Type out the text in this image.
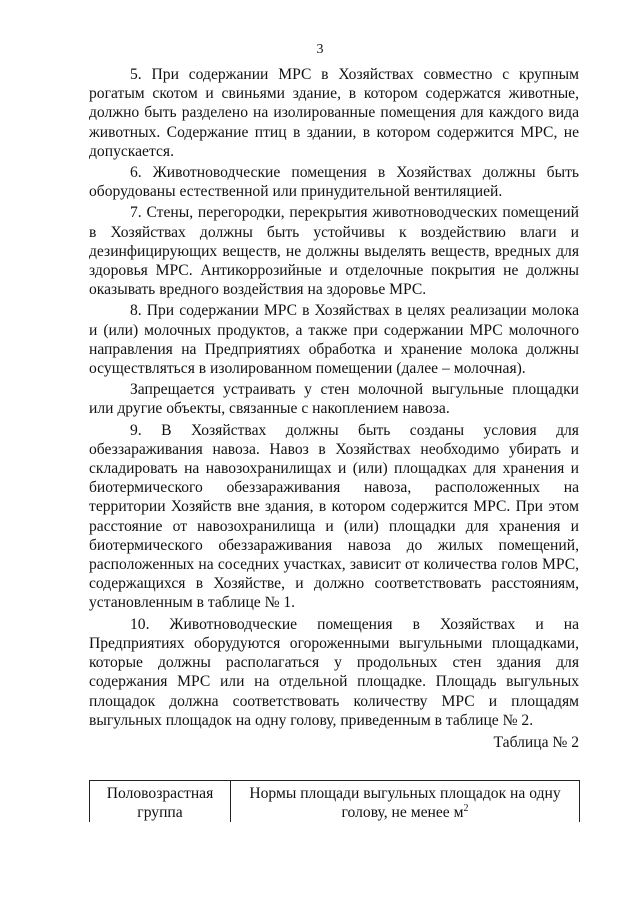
3

5. При содержании МРС в Хозяйствах совместно с крупным рогатым скотом и свиньями здание, в котором содержатся животные, должно быть разделено на изолированные помещения для каждого вида животных. Содержание птиц в здании, в котором содержится МРС, не допускается.

6. Животноводческие помещения в Хозяйствах должны быть оборудованы естественной или принудительной вентиляцией.

7. Стены, перегородки, перекрытия животноводческих помещений в Хозяйствах должны быть устойчивы к воздействию влаги и дезинфицирующих веществ, не должны выделять веществ, вредных для здоровья МРС. Антикоррозийные и отделочные покрытия не должны оказывать вредного воздействия на здоровье МРС.

8. При содержании МРС в Хозяйствах в целях реализации молока и (или) молочных продуктов, а также при содержании МРС молочного направления на Предприятиях обработка и хранение молока должны осуществляться в изолированном помещении (далее – молочная).

Запрещается устраивать у стен молочной выгульные площадки или другие объекты, связанные с накоплением навоза.

9. В Хозяйствах должны быть созданы условия для обеззараживания навоза. Навоз в Хозяйствах необходимо убирать и складировать на навозохранилищах и (или) площадках для хранения и биотермического обеззараживания навоза, расположенных на территории Хозяйств вне здания, в котором содержится МРС. При этом расстояние от навозохранилища и (или) площадки для хранения и биотермического обеззараживания навоза до жилых помещений, расположенных на соседних участках, зависит от количества голов МРС, содержащихся в Хозяйстве, и должно соответствовать расстояниям, установленным в таблице № 1.

10. Животноводческие помещения в Хозяйствах и на Предприятиях оборудуются огороженными выгульными площадками, которые должны располагаться у продольных стен здания для содержания МРС или на отдельной площадке. Площадь выгульных площадок должна соответствовать количеству МРС и площадям выгульных площадок на одну голову, приведенным в таблице № 2.

Таблица № 2
Половозрастная группа	Нормы площади выгульных площадок на одну голову, не менее $м^2$
